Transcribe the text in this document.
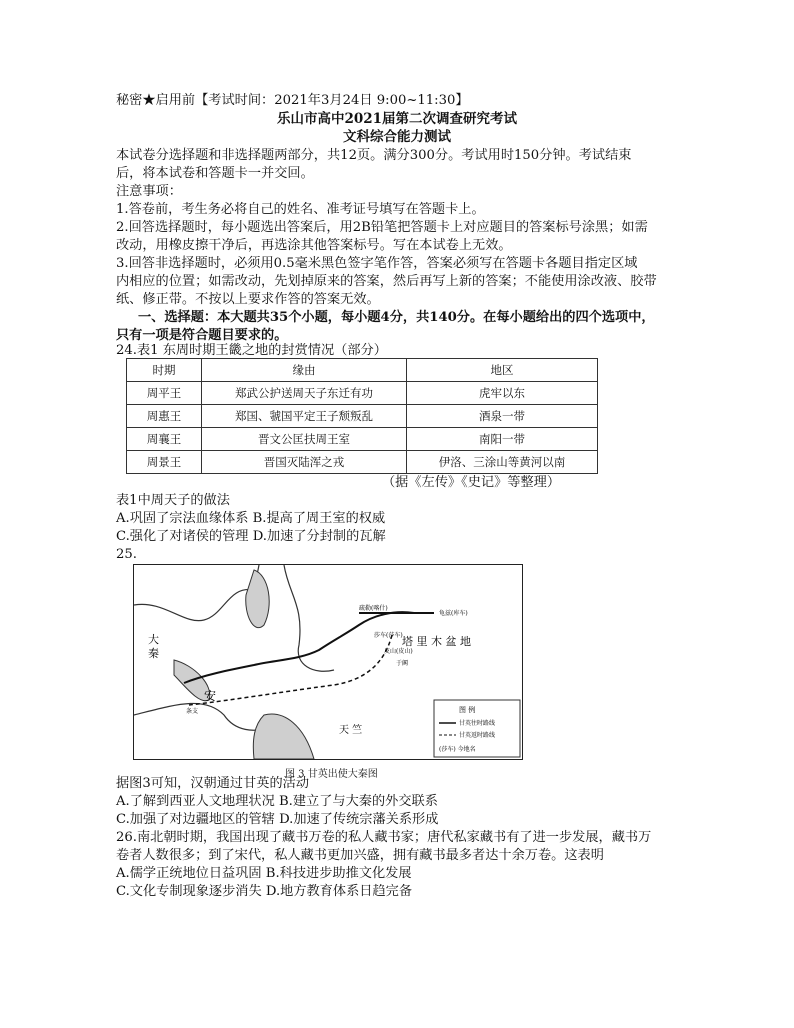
秘密★启用前【考试时间：2021年3月24日 9:00~11:30】
乐山市高中2021届第二次调查研究考试
文科综合能力测试
本试卷分选择题和非选择题两部分，共12页。满分300分。考试用时150分钟。考试结束
后，将本试卷和答题卡一并交回。
注意事项：
1.答卷前，考生务必将自己的姓名、准考证号填写在答题卡上。
2.回答选择题时，每小题选出答案后，用2B铅笔把答题卡上对应题目的答案标号涂黑；如需
改动，用橡皮擦干净后，再选涂其他答案标号。写在本试卷上无效。
3.回答非选择题时，必须用0.5毫米黑色签字笔作答，答案必须写在答题卡各题目指定区域
内相应的位置；如需改动，先划掉原来的答案，然后再写上新的答案；不能使用涂改液、胶带
纸、修正带。不按以上要求作答的答案无效。
一、选择题：本大题共35个小题，每小题4分，共140分。在每小题给出的四个选项中，
只有一项是符合题目要求的。
24.表1 东周时期王畿之地的封赏情况（部分）
时期	缘由	地区
周平王	郑武公护送周天子东迁有功	虎牢以东
周惠王	郑国、虢国平定王子颓叛乱	酒泉一带
周襄王	晋文公匡扶周王室	南阳一带
周景王	晋国灭陆浑之戎	伊洛、三涂山等黄河以南
（据《左传》《史记》等整理）
表1中周天子的做法
A.巩固了宗法血缘体系 B.提高了周王室的权威
C.强化了对诸侯的管理 D.加速了分封制的瓦解
25.
大
秦
塔 里 木 盆 地
天 竺
安
龟兹(库车)
疏勒(喀什)
莎车(莎车)
皮山(皮山)
于阗
条支	图 例
甘英往时路线
甘英返时路线
(莎车) 今地名
图 3 甘英出使大秦图
据图3可知，汉朝通过甘英的活动
A.了解到西亚人文地理状况 B.建立了与大秦的外交联系
C.加强了对边疆地区的管辖 D.加速了传统宗藩关系形成
26.南北朝时期，我国出现了藏书万卷的私人藏书家；唐代私家藏书有了进一步发展，藏书万
卷者人数很多；到了宋代，私人藏书更加兴盛，拥有藏书最多者达十余万卷。这表明
A.儒学正统地位日益巩固 B.科技进步助推文化发展
C.文化专制现象逐步消失 D.地方教育体系日趋完备
